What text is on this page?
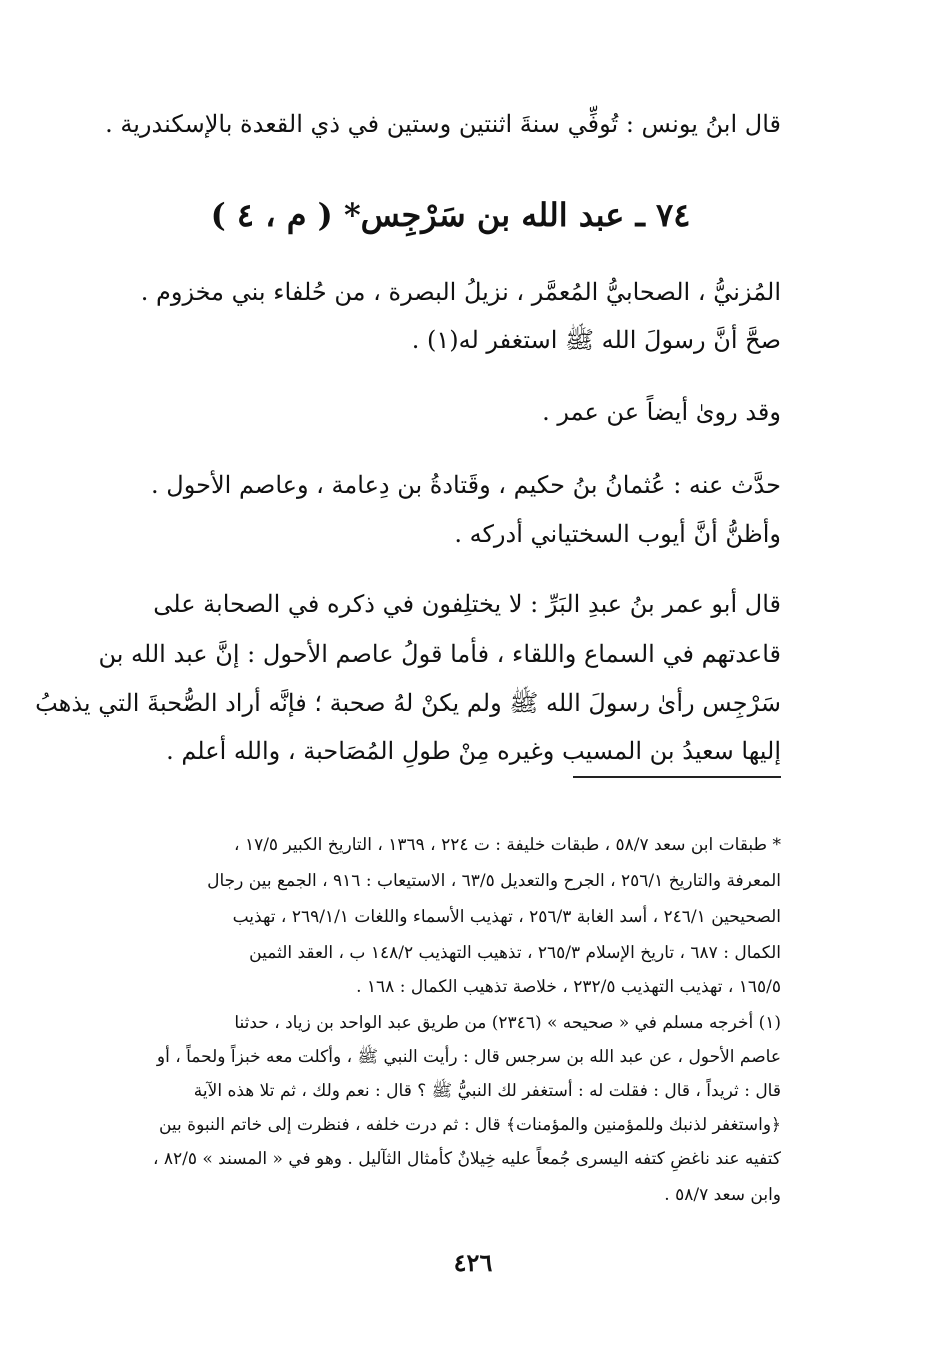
قال ابنُ يونس : تُوفِّي سنةَ اثنتين وستين في ذي القعدة بالإسكندرية .
٧٤ ـ عبد الله بن سَرْجِس* ( م ، ٤ )
المُزنيُّ ، الصحابيُّ المُعمَّر ، نزيلُ البصرة ، من حُلفاء بني مخزوم .
صحَّ أنَّ رسولَ الله ﷺ استغفر له(١) .
وقد روىٰ أيضاً عن عمر .
حدَّث عنه : عُثمانُ بنُ حكيم ، وقَتادةُ بن دِعامة ، وعاصم الأحول .
وأظنُّ أنَّ أيوب السختياني أدركه .
قال أبو عمر بنُ عبدِ البَرِّ : لا يختلِفون في ذكره في الصحابة على
قاعدتهم في السماع واللقاء ، فأما قولُ عاصم الأحول : إنَّ عبد الله بن
سَرْجِس رأىٰ رسولَ الله ﷺ ولم يكنْ لهُ صحبة ؛ فإنَّه أراد الصُّحبةَ التي يذهبُ
إليها سعيدُ بن المسيب وغيره مِنْ طولِ المُصَاحبة ، والله أعلم .
* طبقات ابن سعد ٥٨/٧ ، طبقات خليفة : ت ٢٢٤ ، ١٣٦٩ ، التاريخ الكبير ١٧/٥ ،
المعرفة والتاريخ ٢٥٦/١ ، الجرح والتعديل ٦٣/٥ ، الاستيعاب : ٩١٦ ، الجمع بين رجال
الصحيحين ٢٤٦/١ ، أسد الغابة ٢٥٦/٣ ، تهذيب الأسماء واللغات ٢٦٩/١/١ ، تهذيب
الكمال : ٦٨٧ ، تاريخ الإسلام ٢٦٥/٣ ، تذهيب التهذيب ١٤٨/٢ ب ، العقد الثمين
١٦٥/٥ ، تهذيب التهذيب ٢٣٢/٥ ، خلاصة تذهيب الكمال : ١٦٨ .
(١) أخرجه مسلم في « صحيحه » (٢٣٤٦) من طريق عبد الواحد بن زياد ، حدثنا
عاصم الأحول ، عن عبد الله بن سرجس قال : رأيت النبي ﷺ ، وأكلت معه خبزاً ولحماً ، أو
قال : ثريداً ، قال : فقلت له : أستغفر لك النبيُّ ﷺ ؟ قال : نعم ولك ، ثم تلا هذه الآية
﴿واستغفر لذنبك وللمؤمنين والمؤمنات﴾ قال : ثم درت خلفه ، فنظرت إلى خاتم النبوة بين
كتفيه عند ناغضِ كتفه اليسرى جُمعاً عليه خِيلانٌ كأمثال الثآليل . وهو في « المسند » ٨٢/٥ ،
وابن سعد ٥٨/٧ .
٤٢٦
